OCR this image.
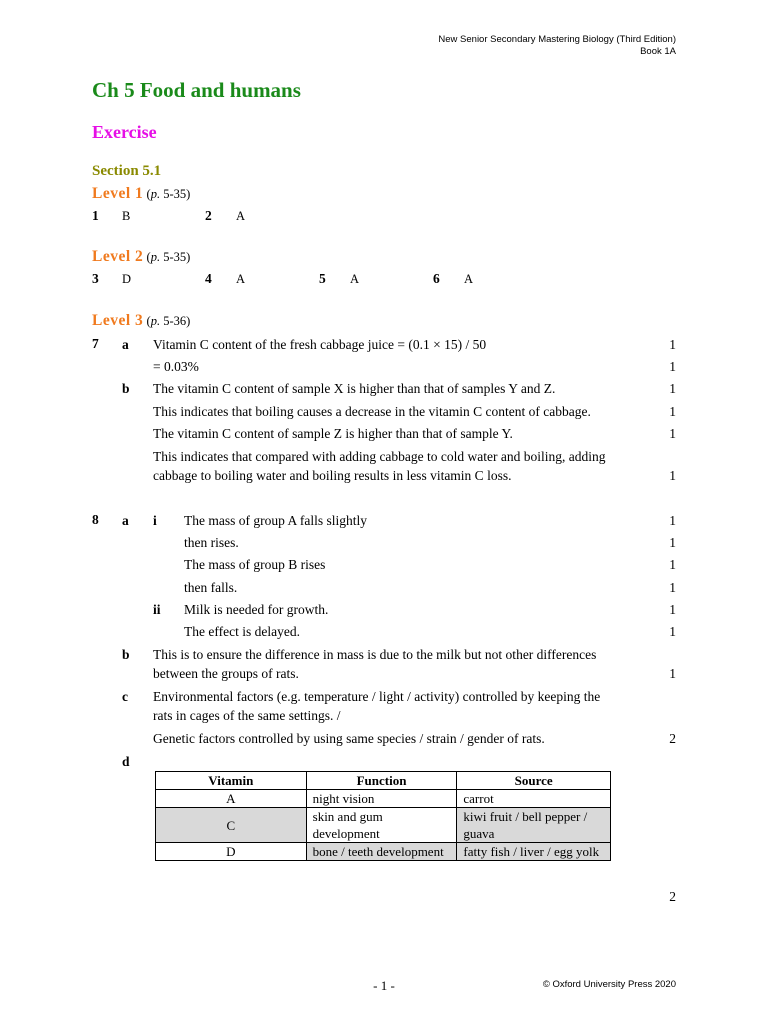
New Senior Secondary Mastering Biology (Third Edition)
Book 1A
Ch 5 Food and humans
Exercise
Section 5.1
Level 1 (p. 5-35)
1 B	2 A
Level 2 (p. 5-35)
3 D	4 A	5 A	6 A
Level 3 (p. 5-36)
7 a Vitamin C content of the fresh cabbage juice = (0.1 × 15) / 50	1
= 0.03%	1
b The vitamin C content of sample X is higher than that of samples Y and Z.	1
This indicates that boiling causes a decrease in the vitamin C content of cabbage.	1
The vitamin C content of sample Z is higher than that of sample Y.	1
This indicates that compared with adding cabbage to cold water and boiling, adding
cabbage to boiling water and boiling results in less vitamin C loss.	1
8 a i The mass of group A falls slightly	1
then rises.	1
The mass of group B rises	1
then falls.	1
ii Milk is needed for growth.	1
The effect is delayed.	1
b This is to ensure the difference in mass is due to the milk but not other differences
between the groups of rats.	1
c Environmental factors (e.g. temperature / light / activity) controlled by keeping the
rats in cages of the same settings. /
Genetic factors controlled by using same species / strain / gender of rats.	2
d
Vitamin	Function	Source
A	night vision	carrot
C	skin and gum development	kiwi fruit / bell pepper / guava
D	bone / teeth development	fatty fish / liver / egg yolk
2
- 1 -	© Oxford University Press 2020
